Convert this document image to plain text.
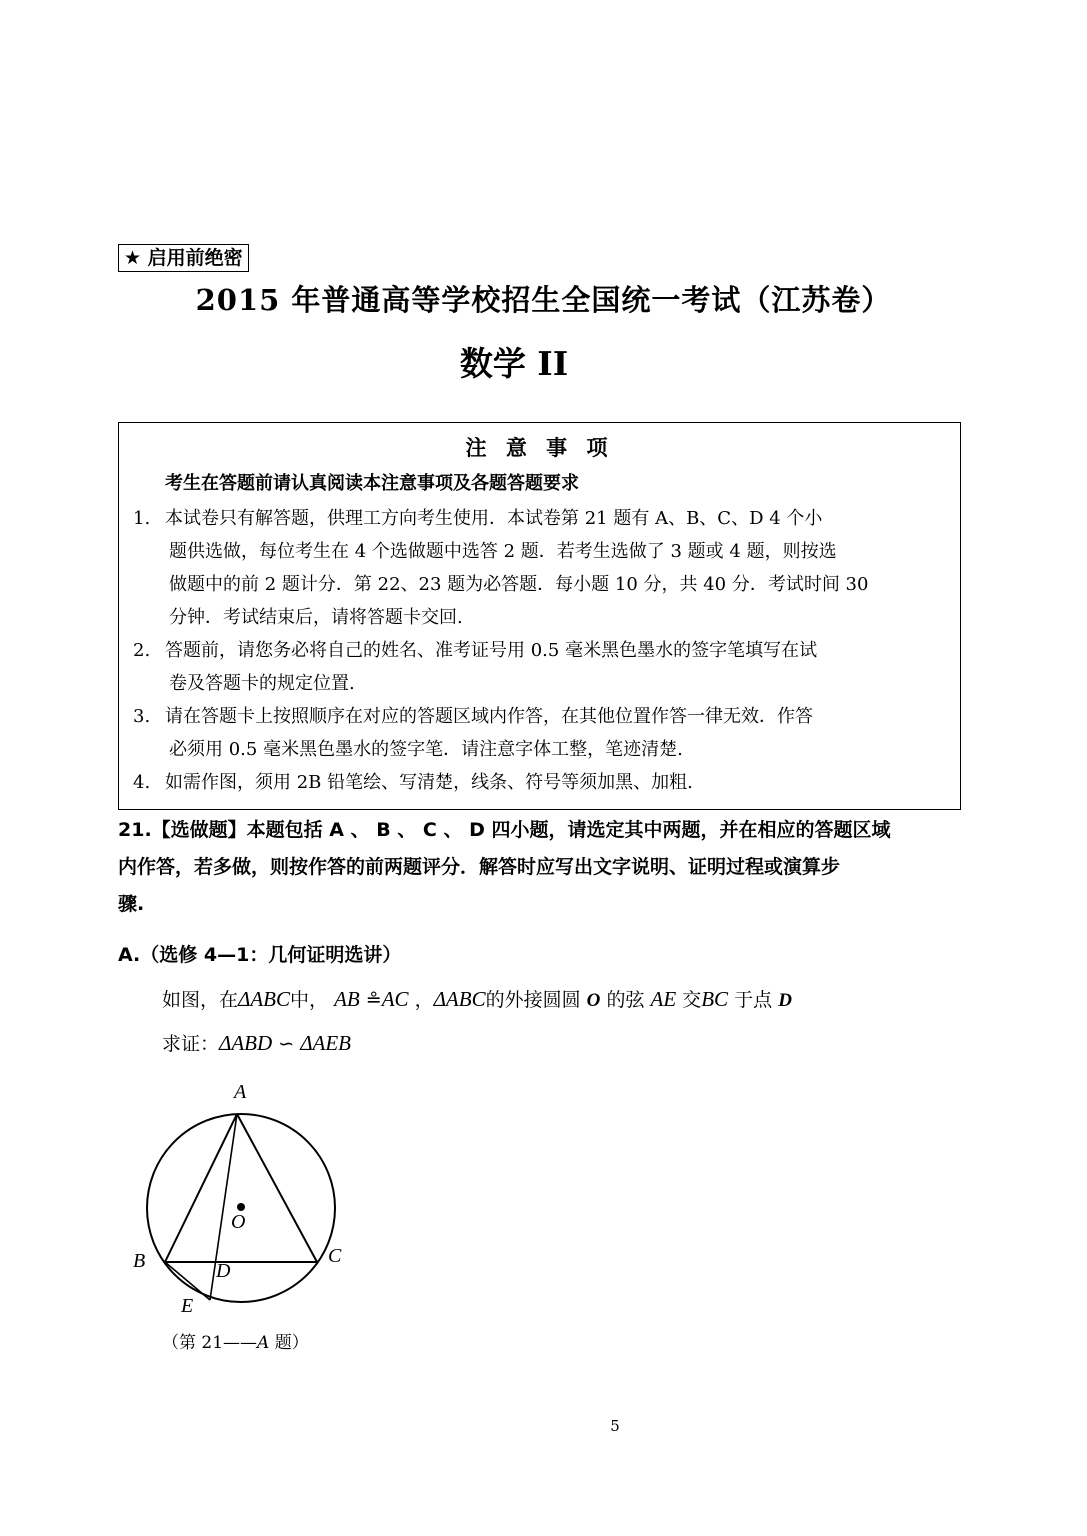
★ 启用前绝密
2015 年普通高等学校招生全国统一考试（江苏卷）
数学 II
注 意 事 项
考生在答题前请认真阅读本注意事项及各题答题要求
1. 本试卷只有解答题，供理工方向考生使用．本试卷第 21 题有 A、B、C、D 4 个小
题供选做，每位考生在 4 个选做题中选答 2 题．若考生选做了 3 题或 4 题，则按选
做题中的前 2 题计分．第 22、23 题为必答题．每小题 10 分，共 40 分．考试时间 30
分钟．考试结束后，请将答题卡交回.
2. 答题前，请您务必将自己的姓名、准考证号用 0.5 毫米黑色墨水的签字笔填写在试
卷及答题卡的规定位置.
3. 请在答题卡上按照顺序在对应的答题区域内作答，在其他位置作答一律无效．作答
必须用 0.5 毫米黑色墨水的签字笔．请注意字体工整，笔迹清楚.
4. 如需作图，须用 2B 铅笔绘、写清楚，线条、符号等须加黑、加粗.
21.【选做题】本题包括 A 、 B 、 C 、 D 四小题，请选定其中两题，并在相应的答题区域
内作答，若多做，则按作答的前两题评分．解答时应写出文字说明、证明过程或演算步
骤.
A.（选修 4—1：几何证明选讲）
如图，在ΔABC中， AB ≗AC ，ΔABC的外接圆圆 O 的弦 AE 交BC 于点 D
求证：ΔABD ∽ ΔAEB
A
B	C
D
E
O
（第 21——A 题）
5
